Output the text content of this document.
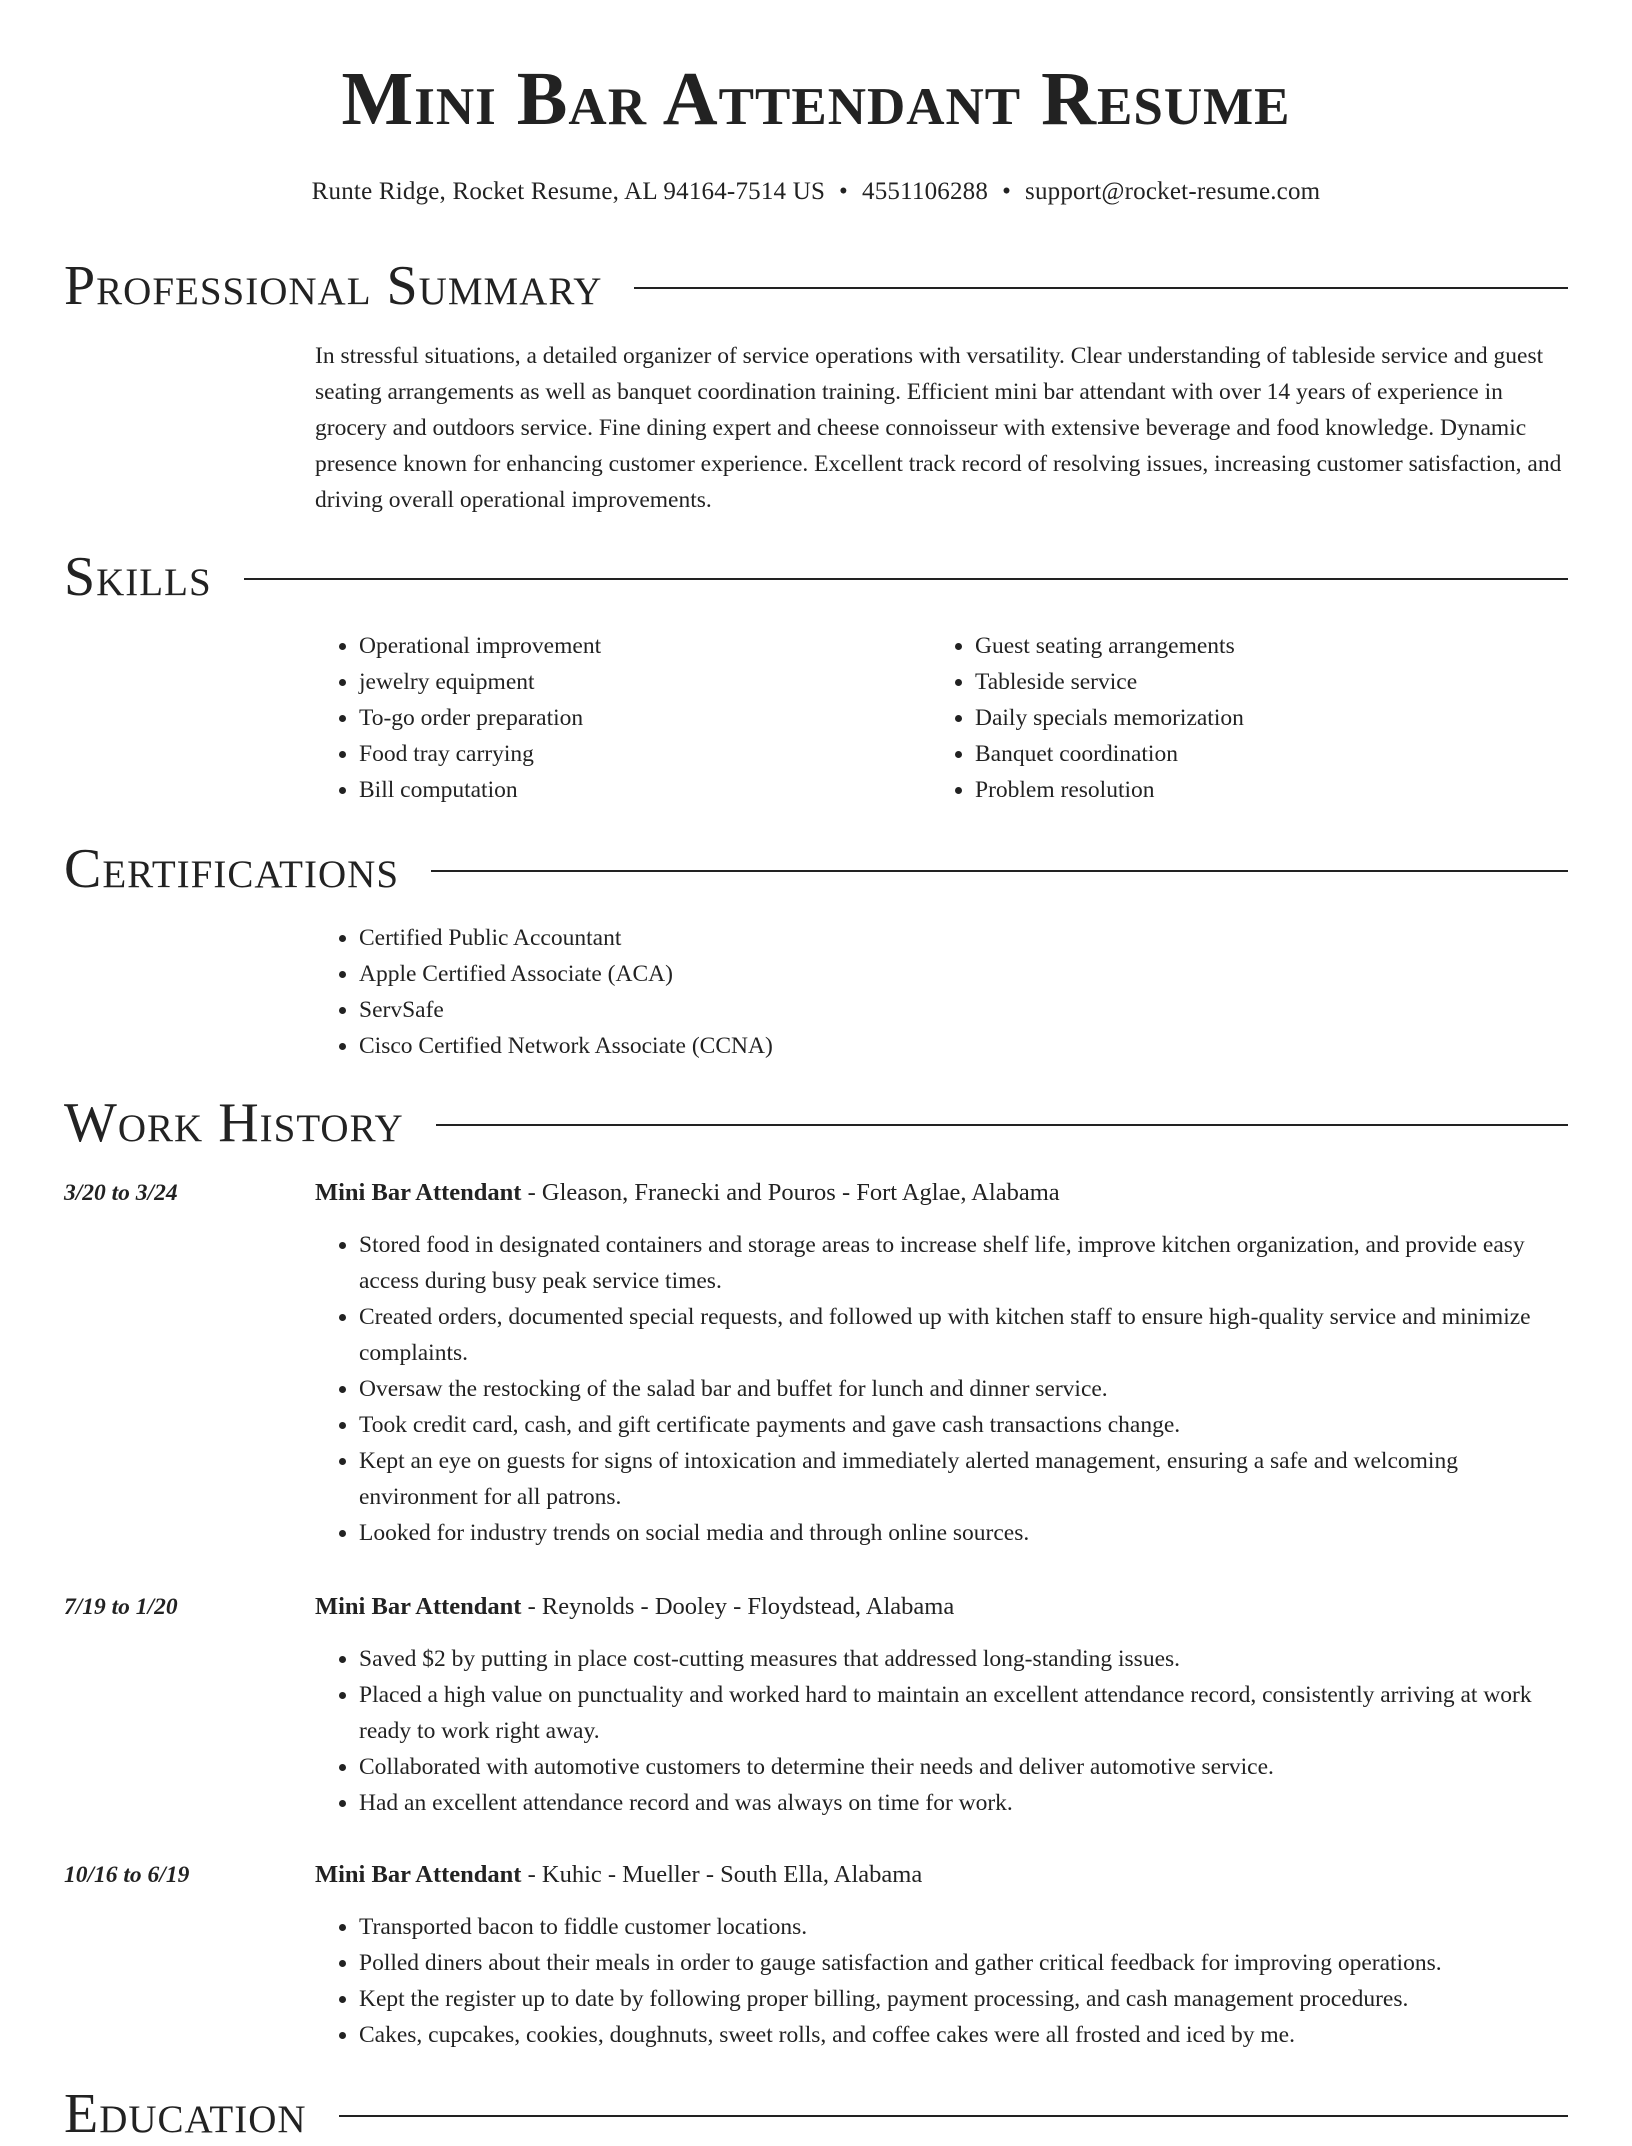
Mini Bar Attendant Resume
Runte Ridge, Rocket Resume, AL 94164-7514 US • 4551106288 • support@rocket-resume.com
Professional Summary

In stressful situations, a detailed organizer of service operations with versatility. Clear understanding of tableside service and guest seating arrangements as well as banquet coordination training. Efficient mini bar attendant with over 14 years of experience in grocery and outdoors service. Fine dining expert and cheese connoisseur with extensive beverage and food knowledge. Dynamic presence known for enhancing customer experience. Excellent track record of resolving issues, increasing customer satisfaction, and driving overall operational improvements.

Skills
• Operational improvement
• jewelry equipment
• To-go order preparation
• Food tray carrying
• Bill computation
• Guest seating arrangements
• Tableside service
• Daily specials memorization
• Banquet coordination
• Problem resolution
Certifications
• Certified Public Accountant
• Apple Certified Associate (ACA)
• ServSafe
• Cisco Certified Network Associate (CCNA)
Work History
3/20 to 3/24	Mini Bar Attendant - Gleason, Franecki and Pouros - Fort Aglae, Alabama
• Stored food in designated containers and storage areas to increase shelf life, improve kitchen organization, and provide easy access during busy peak service times.
• Created orders, documented special requests, and followed up with kitchen staff to ensure high-quality service and minimize complaints.
• Oversaw the restocking of the salad bar and buffet for lunch and dinner service.
• Took credit card, cash, and gift certificate payments and gave cash transactions change.
• Kept an eye on guests for signs of intoxication and immediately alerted management, ensuring a safe and welcoming environment for all patrons.
• Looked for industry trends on social media and through online sources.
7/19 to 1/20	Mini Bar Attendant - Reynolds - Dooley - Floydstead, Alabama
• Saved $2 by putting in place cost-cutting measures that addressed long-standing issues.
• Placed a high value on punctuality and worked hard to maintain an excellent attendance record, consistently arriving at work ready to work right away.
• Collaborated with automotive customers to determine their needs and deliver automotive service.
• Had an excellent attendance record and was always on time for work.
10/16 to 6/19	Mini Bar Attendant - Kuhic - Mueller - South Ella, Alabama
• Transported bacon to fiddle customer locations.
• Polled diners about their meals in order to gauge satisfaction and gather critical feedback for improving operations.
• Kept the register up to date by following proper billing, payment processing, and cash management procedures.
• Cakes, cupcakes, cookies, doughnuts, sweet rolls, and coffee cakes were all frosted and iced by me.
Education
